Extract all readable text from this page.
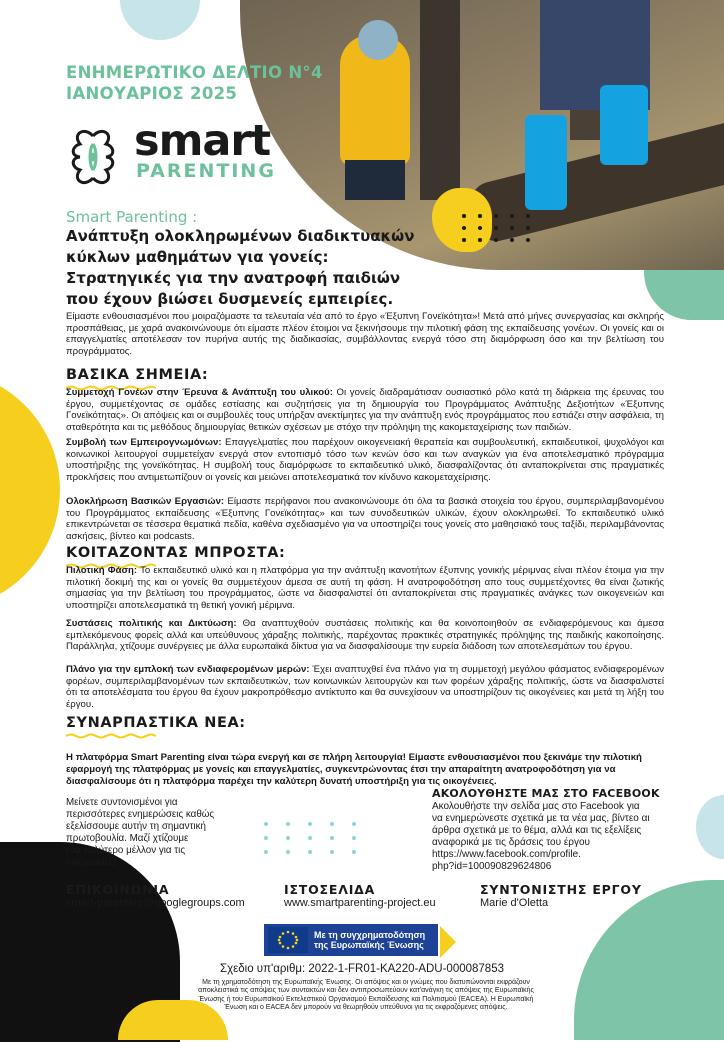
ΕΝΗΜΕΡΩΤΙΚΟ ΔΕΛΤΙΟ N°4
ΙΑΝΟΥΑΡΙΟΣ 2025
smart
PARENTING
Smart Parenting :
Ανάπτυξη ολοκληρωμένων διαδικτυακών
κύκλων μαθημάτων για γονείς:
Στρατηγικές για την ανατροφή παιδιών
που έχουν βιώσει δυσμενείς εμπειρίες.
Είμαστε ενθουσιασμένοι που μοιραζόμαστε τα τελευταία νέα από το έργο «Έξυπνη Γονεϊκότητα»! Μετά από μήνες συνεργασίας και σκληρής προσπάθειας, με χαρά ανακοινώνουμε ότι είμαστε πλέον έτοιμοι να ξεκινήσουμε την πιλοτική φάση της εκπαίδευσης γονέων. Οι γονείς και οι επαγγελματίες αποτέλεσαν τον πυρήνα αυτής της διαδικασίας, συμβάλλοντας ενεργά τόσο στη διαμόρφωση όσο και την βελτίωση του προγράμματος.
ΒΑΣΙΚΑ ΣΗΜΕΙΑ:
Συμμετοχή Γονέων στην Έρευνα & Ανάπτυξη του υλικού: Οι γονείς διαδραμάτισαν ουσιαστικό ρόλο κατά τη διάρκεια της έρευνας του έργου, συμμετέχοντας σε ομάδες εστίασης και συζητήσεις για τη δημιουργία του Προγράμματος Ανάπτυξης Δεξιοτήτων «Έξυπνης Γονεϊκότητας». Οι απόψεις και οι συμβουλές τους υπήρξαν ανεκτίμητες για την ανάπτυξη ενός προγράμματος που εστιάζει στην ασφάλεια, τη σταθερότητα και τις μεθόδους δημιουργίας θετικών σχέσεων με στόχο την πρόληψη της κακομεταχείρισης των παιδιών.
Συμβολή των Εμπειρογνωμόνων: Επαγγελματίες που παρέχουν οικογενειακή θεραπεία και συμβουλευτική, εκπαιδευτικοί, ψυχολόγοι και κοινωνικοί λειτουργοί συμμετείχαν ενεργά στον εντοπισμό τόσο των κενών όσο και των αναγκών για ένα αποτελεσματικό πρόγραμμα υποστήριξης της γονεϊκότητας. Η συμβολή τους διαμόρφωσε το εκπαιδευτικό υλικό, διασφαλίζοντας ότι ανταποκρίνεται στις πραγματικές προκλήσεις που αντιμετωπίζουν οι γονείς και μειώνει αποτελεσματικά τον κίνδυνο κακομεταχείρισης.
Ολοκλήρωση Βασικών Εργασιών: Είμαστε περήφανοι που ανακοινώνουμε ότι όλα τα βασικά στοιχεία του έργου, συμπεριλαμβανομένου του Προγράμματος εκπαίδευσης «Έξυπνης Γονεϊκότητας» και των συνοδευτικών υλικών, έχουν ολοκληρωθεί. Το εκπαιδευτικό υλικό επικεντρώνεται σε τέσσερα θεματικά πεδία, καθένα σχεδιασμένο για να υποστηρίζει τους γονείς στο μαθησιακό τους ταξίδι, περιλαμβάνοντας ασκήσεις, βίντεο και podcasts.
ΚΟΙΤΑΖΟΝΤΑΣ ΜΠΡΟΣΤΑ:
Πιλοτική Φάση: Το εκπαιδευτικό υλικό και η πλατφόρμα για την ανάπτυξη ικανοτήτων έξυπνης γονικής μέριμνας είναι πλέον έτοιμα για την πιλοτική δοκιμή της και οι γονείς θα συμμετέχουν άμεσα σε αυτή τη φάση. Η ανατροφοδότηση απο τους συμμετέχοντες θα είναι ζωτικής σημασίας για την βελτίωση του προγράμματος, ώστε να διασφαλιστεί ότι ανταποκρίνεται στις πραγματικές ανάγκες των οικογενειών και υποστηρίζει αποτελεσματικά τη θετική γονική μέριμνα.
Συστάσεις πολιτικής και Δικτύωση: Θα αναπτυχθούν συστάσεις πολιτικής και θα κοινοποιηθούν σε ενδιαφερόμενους και άμεσα εμπλεκόμενους φορείς αλλά και υπεύθυνους χάραξης πολιτικής, παρέχοντας πρακτικές στρατηγικές πρόληψης της παιδικής κακοποίησης. Παράλληλα, χτίζουμε συνέργειες με άλλα ευρωπαϊκά δίκτυα για να διασφαλίσουμε την ευρεία διάδοση των αποτελεσμάτων του έργου.
Πλάνο για την εμπλοκή των ενδιαφερομένων μερών: Έχει αναπτυχθεί ένα πλάνο για τη συμμετοχή μεγάλου φάσματος ενδιαφερομένων φορέων, συμπεριλαμβανομένων των εκπαιδευτικών, των κοινωνικών λειτουργών και των φορέων χάραξης πολιτικής, ώστε να διασφαλιστεί ότι τα αποτελέσματα του έργου θα έχουν μακροπρόθεσμο αντίκτυπο και θα συνεχίσουν να υποστηρίζουν τις οικογένειες και μετά τη λήξη του έργου.
ΣΥΝΑΡΠΑΣΤΙΚΑ ΝΕΑ:
Η πλατφόρμα Smart Parenting είναι τώρα ενεργή και σε πλήρη λειτουργία! Είμαστε ενθουσιασμένοι που ξεκινάμε την πιλοτική εφαρμογή της πλατφόρμας με γονείς και επαγγελματίες, συγκεντρώνοντας έτσι την απαραίτητη ανατροφοδότηση για να διασφαλίσουμε ότι η πλατφόρμα παρέχει την καλύτερη δυνατή υποστήριξη για τις οικογένειες.
Μείνετε συντονισμένοι για
περισσότερες ενημερώσεις καθώς
εξελίσσουμε αυτήν τη σημαντική
πρωτοβουλία. Μαζί χτίζουμε
ένα καλύτερο μέλλον για τις
οικογένειες!
ΑΚΟΛΟΥΘΗΣΤΕ ΜΑΣ ΣΤΟ FACEBOOK
Ακολουθήστε την σελίδα μας στο Facebook για
να ενημερώνεστε σχετικά με τα νέα μας, βίντεο αι
άρθρα σχετικά με το θέμα, αλλά και τις εξελίξεις
αναφορικά με τις δράσεις του έργου
https://www.facebook.com/profile.
php?id=100090829624806
ΕΠΙΚΟΙΝΩΝΙΑ
smart-parenting@googlegroups.com
ΙΣΤΟΣΕΛΙΔΑ
www.smartparenting-project.eu
ΣΥΝΤΟΝΙΣΤΗΣ ΕΡΓΟΥ
Marie d'Oletta
Με τη συγχρηματοδότηση
της Ευρωπαϊκής Ένωσης
Σχεδιο υπ'αριθμ: 2022-1-FR01-KA220-ADU-000087853
Με τη χρηματοδότηση της Ευρωπαϊκής Ένωσης. Οι απόψεις και οι γνώμες που διατυπώνονται εκφράζουν αποκλειστικά τις απόψεις των συντακτών και δεν αντιπροσωπεύουν κατ'ανάγκη τις απόψεις της Ευρωπαϊκής Ένωσης ή του Ευρωπαϊκού Εκτελεστικού Οργανισμού Εκπαίδευσης και Πολιτισμού (EACEA). Η Ευρωπαϊκή Ένωση και ο EACEA δεν μπορούν να θεωρηθούν υπεύθυνοι για τις εκφραζόμενες απόψεις.
